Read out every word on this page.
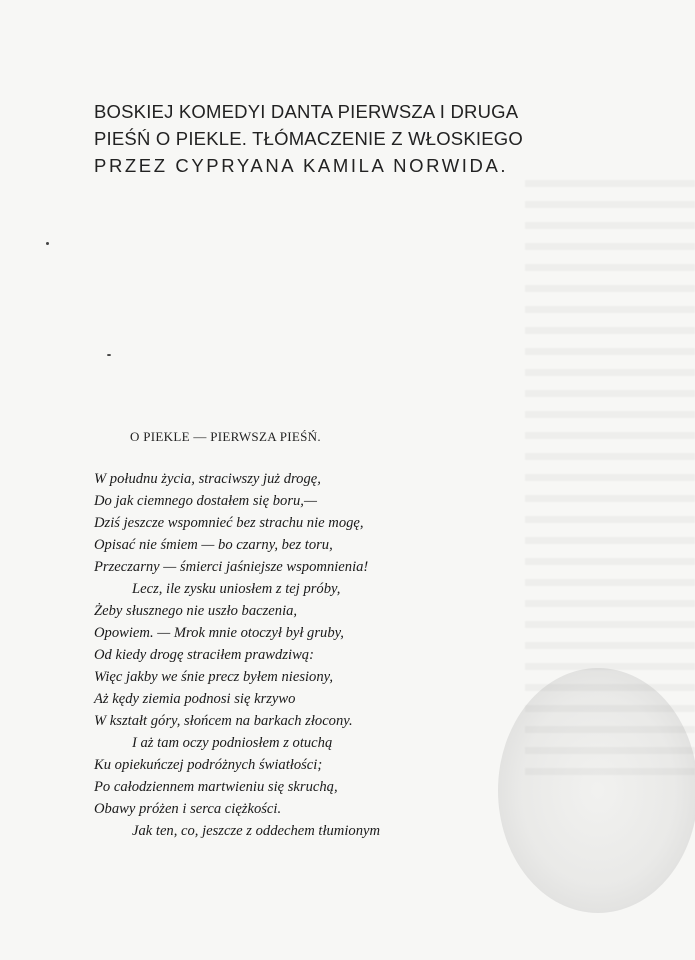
BOSKIEJ KOMEDYI DANTA PIERWSZA I DRUGA
PIEŚŃ O PIEKLE. TŁÓMACZENIE Z WŁOSKIEGO
PRZEZ CYPRYANA KAMILA NORWIDA.
O PIEKLE — PIERWSZA PIEŚŃ.
W połudnu życia, straciwszy już drogę,
Do jak ciemnego dostałem się boru,—
Dziś jeszcze wspomnieć bez strachu nie mogę,
Opisać nie śmiem — bo czarny, bez toru,
Przeczarny — śmierci jaśniejsze wspomnienia!
Lecz, ile zysku uniosłem z tej próby,
Żeby słusznego nie uszło baczenia,
Opowiem. — Mrok mnie otoczył był gruby,
Od kiedy drogę straciłem prawdziwą:
Więc jakby we śnie precz byłem niesiony,
Aż kędy ziemia podnosi się krzywo
W kształt góry, słońcem na barkach złocony.
I aż tam oczy podniosłem z otuchą
Ku opiekuńczej podróżnych światłości;
Po całodziennem martwieniu się skruchą,
Obawy próżen i serca ciężkości.
Jak ten, co, jeszcze z oddechem tłumionym
